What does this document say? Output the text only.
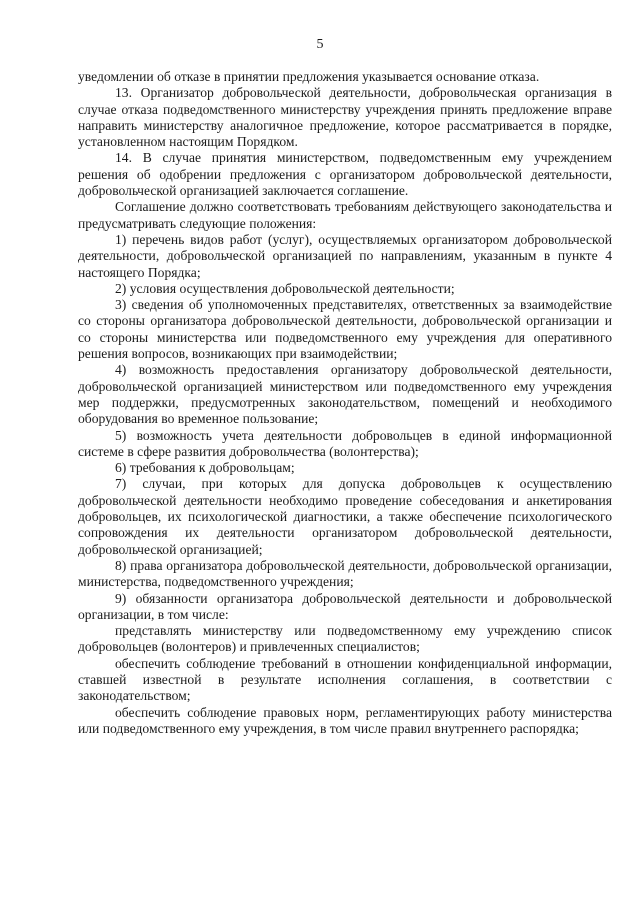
5

уведомлении об отказе в принятии предложения указывается основание отказа.

13. Организатор добровольческой деятельности, добровольческая организация в случае отказа подведомственного министерству учреждения принять предложение вправе направить министерству аналогичное предложение, которое рассматривается в порядке, установленном настоящим Порядком.

14. В случае принятия министерством, подведомственным ему учреждением решения об одобрении предложения с организатором добровольческой деятельности, добровольческой организацией заключается соглашение.

Соглашение должно соответствовать требованиям действующего законодательства и предусматривать следующие положения:

1) перечень видов работ (услуг), осуществляемых организатором добровольческой деятельности, добровольческой организацией по направлениям, указанным в пункте 4 настоящего Порядка;

2) условия осуществления добровольческой деятельности;

3) сведения об уполномоченных представителях, ответственных за взаимодействие со стороны организатора добровольческой деятельности, добровольческой организации и со стороны министерства или подведомственного ему учреждения для оперативного решения вопросов, возникающих при взаимодействии;

4) возможность предоставления организатору добровольческой деятельности, добровольческой организацией министерством или подведомственного ему учреждения мер поддержки, предусмотренных законодательством, помещений и необходимого оборудования во временное пользование;

5) возможность учета деятельности добровольцев в единой информационной системе в сфере развития добровольчества (волонтерства);

6) требования к добровольцам;

7) случаи, при которых для допуска добровольцев к осуществлению добровольческой деятельности необходимо проведение собеседования и анкетирования добровольцев, их психологической диагностики, а также обеспечение психологического сопровождения их деятельности организатором добровольческой деятельности, добровольческой организацией;

8) права организатора добровольческой деятельности, добровольческой организации, министерства, подведомственного учреждения;

9) обязанности организатора добровольческой деятельности и добровольческой организации, в том числе:

представлять министерству или подведомственному ему учреждению список добровольцев (волонтеров) и привлеченных специалистов;

обеспечить соблюдение требований в отношении конфиденциальной информации, ставшей известной в результате исполнения соглашения, в соответствии с законодательством;

обеспечить соблюдение правовых норм, регламентирующих работу министерства или подведомственного ему учреждения, в том числе правил внутреннего распорядка;
